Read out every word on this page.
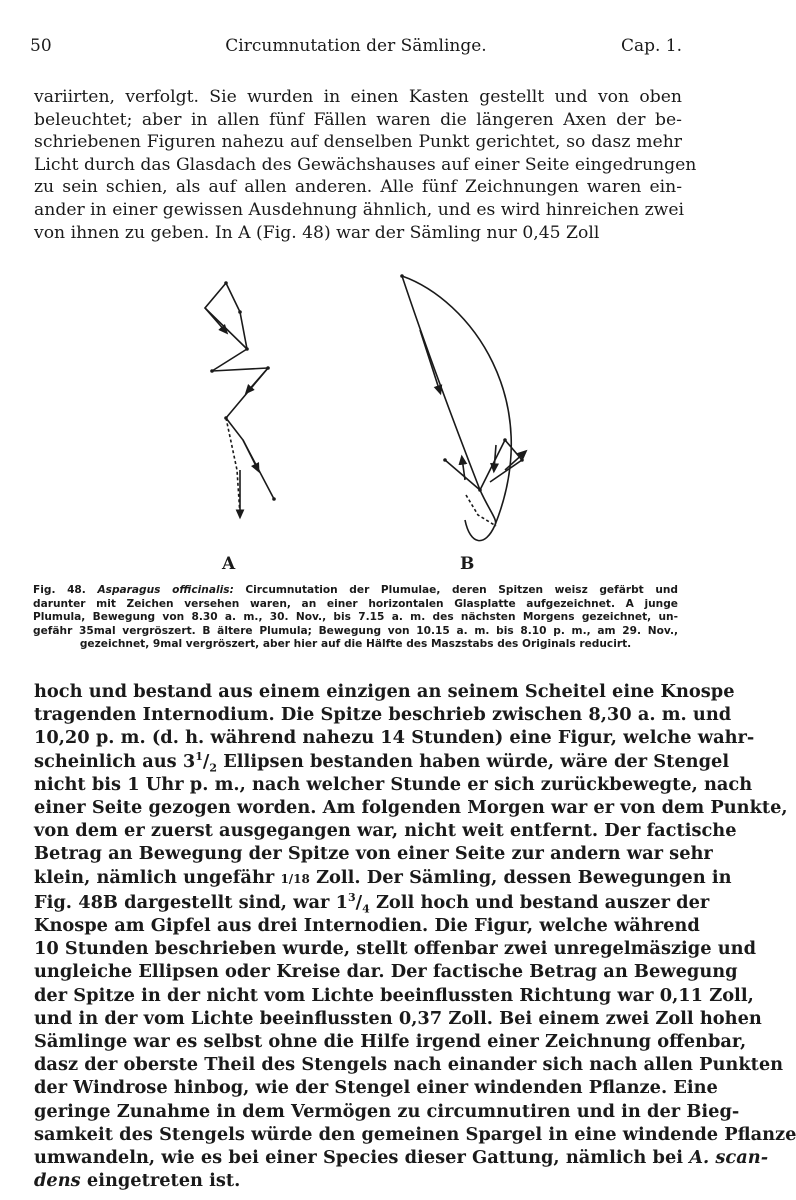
50	Circumnutation der Sämlinge.	Cap. 1.
variirten, verfolgt. Sie wurden in einen Kasten gestellt und von oben
beleuchtet; aber in allen fünf Fällen waren die längeren Axen der be-
schriebenen Figuren nahezu auf denselben Punkt gerichtet, so dasz mehr
Licht durch das Glasdach des Gewächshauses auf einer Seite eingedrungen
zu sein schien, als auf allen anderen. Alle fünf Zeichnungen waren ein-
ander in einer gewissen Ausdehnung ähnlich, und es wird hinreichen zwei
von ihnen zu geben. In A (Fig. 48) war der Sämling nur 0,45 Zoll
A	B
Fig. 48. Asparagus officinalis: Circumnutation der Plumulae, deren Spitzen weisz gefärbt und
darunter mit Zeichen versehen waren, an einer horizontalen Glasplatte aufgezeichnet. A junge
Plumula, Bewegung von 8.30 a. m., 30. Nov., bis 7.15 a. m. des nächsten Morgens gezeichnet, un-
gefähr 35mal vergröszert. B ältere Plumula; Bewegung von 10.15 a. m. bis 8.10 p. m., am 29. Nov.,
gezeichnet, 9mal vergröszert, aber hier auf die Hälfte des Maszstabs des Originals reducirt.
hoch und bestand aus einem einzigen an seinem Scheitel eine Knospe
tragenden Internodium. Die Spitze beschrieb zwischen 8,30 a. m. und
10,20 p. m. (d. h. während nahezu 14 Stunden) eine Figur, welche wahr-
scheinlich aus $3^1/_2$ Ellipsen bestanden haben würde, wäre der Stengel
nicht bis 1 Uhr p. m., nach welcher Stunde er sich zurückbewegte, nach
einer Seite gezogen worden. Am folgenden Morgen war er von dem Punkte,
von dem er zuerst ausgegangen war, nicht weit entfernt. Der factische
Betrag an Bewegung der Spitze von einer Seite zur andern war sehr
klein, nämlich ungefähr 1/18 Zoll. Der Sämling, dessen Bewegungen in
Fig. 48B dargestellt sind, war $1^3/_4$ Zoll hoch und bestand auszer der
Knospe am Gipfel aus drei Internodien. Die Figur, welche während
10 Stunden beschrieben wurde, stellt offenbar zwei unregelmäszige und
ungleiche Ellipsen oder Kreise dar. Der factische Betrag an Bewegung
der Spitze in der nicht vom Lichte beeinflussten Richtung war 0,11 Zoll,
und in der vom Lichte beeinflussten 0,37 Zoll. Bei einem zwei Zoll hohen
Sämlinge war es selbst ohne die Hilfe irgend einer Zeichnung offenbar,
dasz der oberste Theil des Stengels nach einander sich nach allen Punkten
der Windrose hinbog, wie der Stengel einer windenden Pflanze. Eine
geringe Zunahme in dem Vermögen zu circumnutiren und in der Bieg-
samkeit des Stengels würde den gemeinen Spargel in eine windende Pflanze
umwandeln, wie es bei einer Species dieser Gattung, nämlich bei A. scan-
dens eingetreten ist.
